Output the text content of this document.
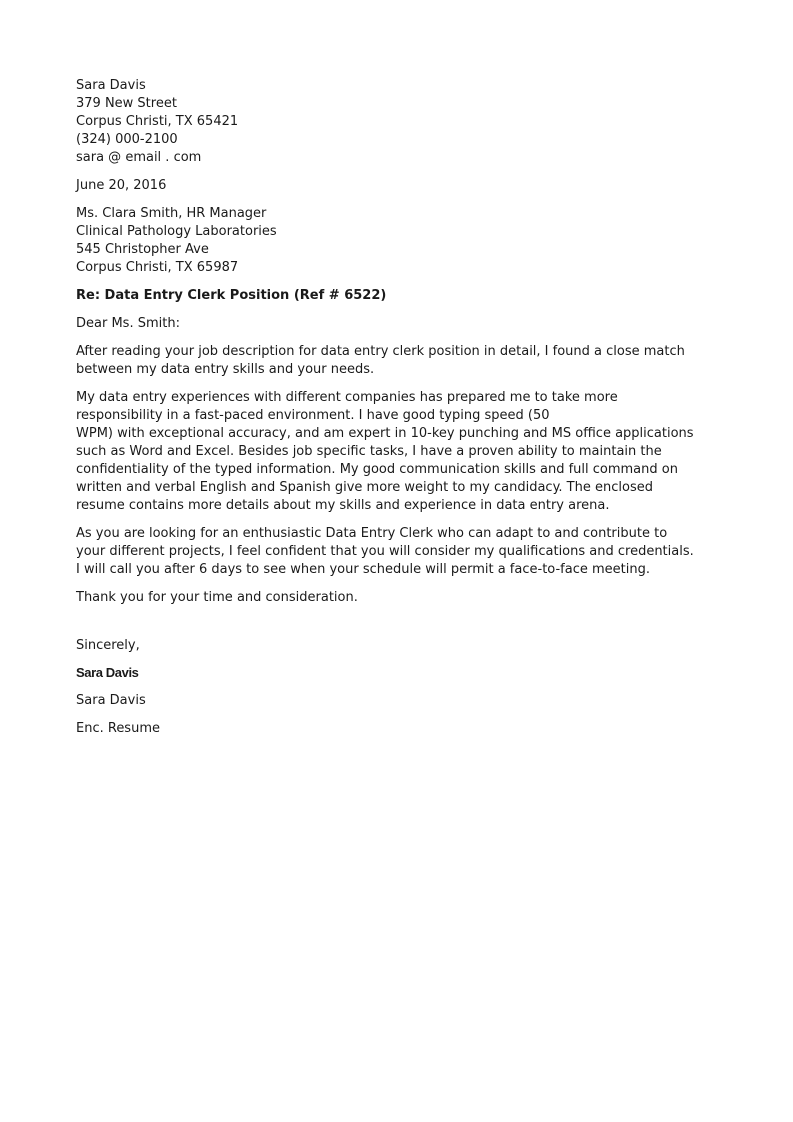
Sara Davis
379 New Street
Corpus Christi, TX 65421
(324) 000-2100
sara @ email . com
June 20, 2016
Ms. Clara Smith, HR Manager
Clinical Pathology Laboratories
545 Christopher Ave
Corpus Christi, TX 65987
Re: Data Entry Clerk Position (Ref # 6522)
Dear Ms. Smith:
After reading your job description for data entry clerk position in detail, I found a close match
between my data entry skills and your needs.
My data entry experiences with different companies has prepared me to take more
responsibility in a fast-paced environment. I have good typing speed (50
WPM) with exceptional accuracy, and am expert in 10-key punching and MS office applications
such as Word and Excel. Besides job specific tasks, I have a proven ability to maintain the
confidentiality of the typed information. My good communication skills and full command on
written and verbal English and Spanish give more weight to my candidacy. The enclosed
resume contains more details about my skills and experience in data entry arena.
As you are looking for an enthusiastic Data Entry Clerk who can adapt to and contribute to
your different projects, I feel confident that you will consider my qualifications and credentials.
I will call you after 6 days to see when your schedule will permit a face-to-face meeting.
Thank you for your time and consideration.
Sincerely,
Sara Davis
Sara Davis
Enc. Resume
